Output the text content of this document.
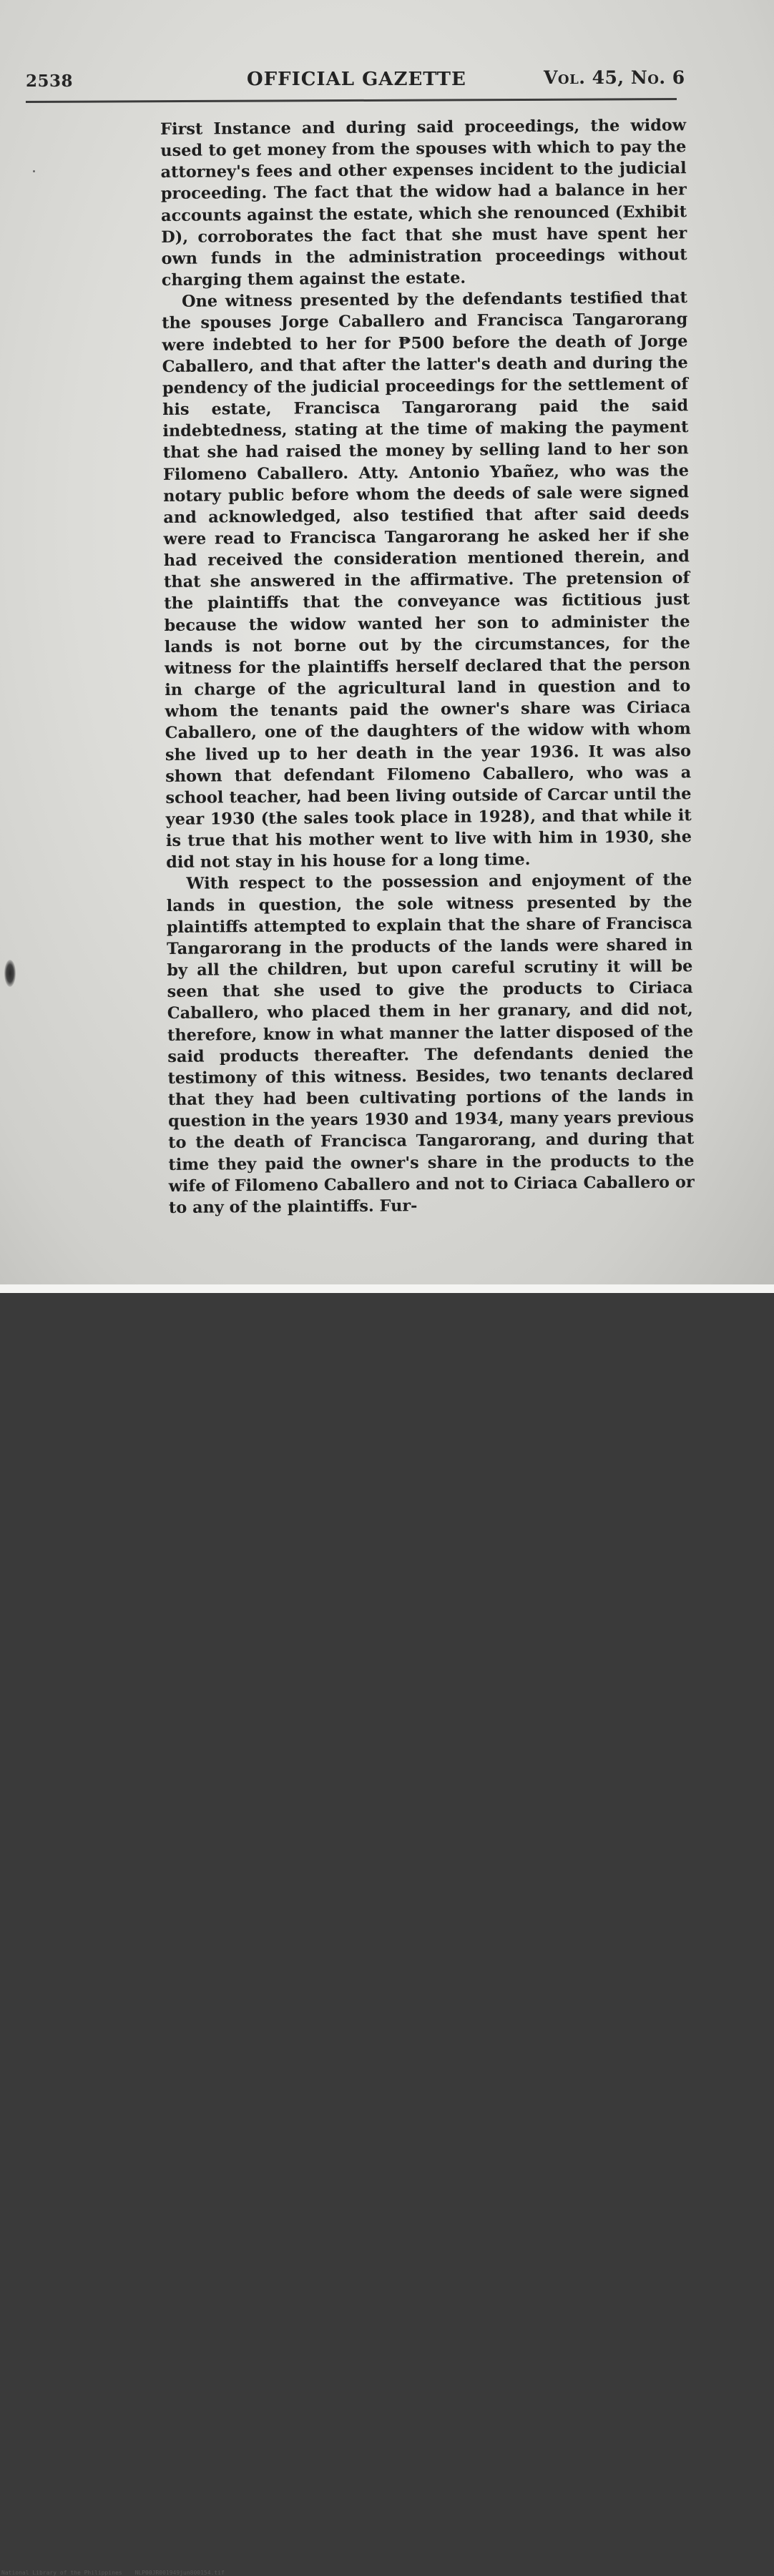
2538	OFFICIAL GAZETTE	Vol. 45, No. 6

First Instance and during said proceedings, the widow used to get money from the spouses with which to pay the attorney's fees and other expenses incident to the judicial proceeding. The fact that the widow had a balance in her accounts against the estate, which she renounced (Exhibit D), corroborates the fact that she must have spent her own funds in the administration proceedings without charging them against the estate.

One witness presented by the defendants testified that the spouses Jorge Caballero and Francisca Tangarorang were indebted to her for ₱500 before the death of Jorge Caballero, and that after the latter's death and during the pendency of the judicial proceedings for the settlement of his estate, Francisca Tangarorang paid the said indebtedness, stating at the time of making the payment that she had raised the money by selling land to her son Filomeno Caballero. Atty. Antonio Ybañez, who was the notary public before whom the deeds of sale were signed and acknowledged, also testified that after said deeds were read to Francisca Tangarorang he asked her if she had received the consideration mentioned therein, and that she answered in the affirmative. The pretension of the plaintiffs that the conveyance was fictitious just because the widow wanted her son to administer the lands is not borne out by the circumstances, for the witness for the plaintiffs herself declared that the person in charge of the agricultural land in question and to whom the tenants paid the owner's share was Ciriaca Caballero, one of the daughters of the widow with whom she lived up to her death in the year 1936. It was also shown that defendant Filomeno Caballero, who was a school teacher, had been living outside of Carcar until the year 1930 (the sales took place in 1928), and that while it is true that his mother went to live with him in 1930, she did not stay in his house for a long time.

With respect to the possession and enjoyment of the lands in question, the sole witness presented by the plaintiffs attempted to explain that the share of Francisca Tangarorang in the products of the lands were shared in by all the children, but upon careful scrutiny it will be seen that she used to give the products to Ciriaca Caballero, who placed them in her granary, and did not, therefore, know in what manner the latter disposed of the said products thereafter. The defendants denied the testimony of this witness. Besides, two tenants declared that they had been cultivating portions of the lands in question in the years 1930 and 1934, many years previous to the death of Francisca Tangarorang, and during that time they paid the owner's share in the products to the wife of Filomeno Caballero and not to Ciriaca Caballero or to any of the plaintiffs. Fur-

National Library of the Philippines NLP00JR001949jun800154.tif
